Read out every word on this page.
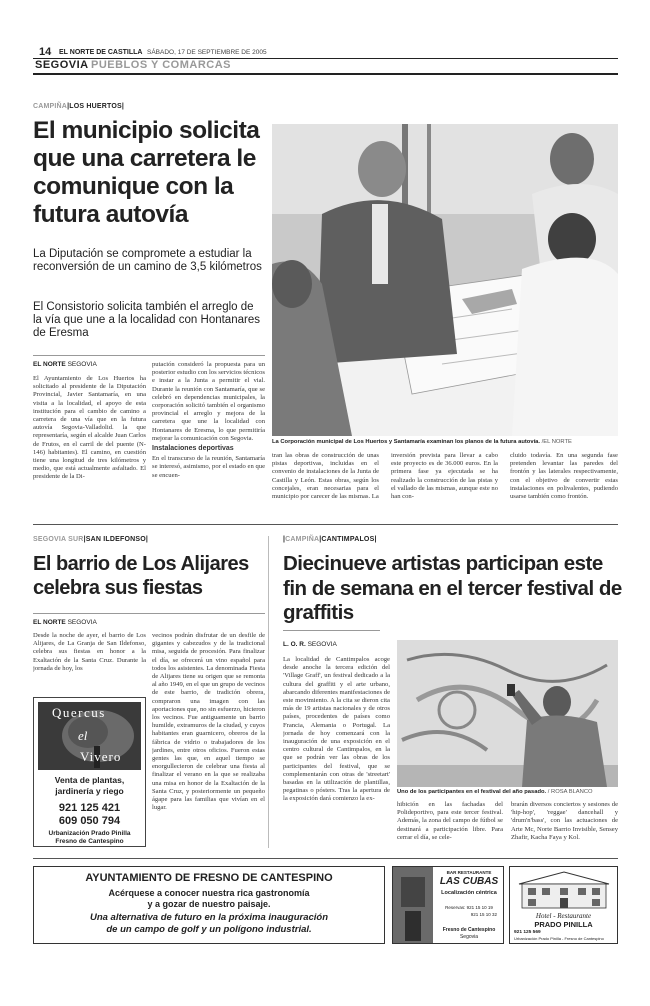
14 EL NORTE DE CASTILLA SÁBADO, 17 DE SEPTIEMBRE DE 2005
SEGOVIA PUEBLOS Y COMARCAS
CAMPIÑA|LOS HUERTOS|
El municipio solicita que una carretera le comunique con la futura autovía
La Diputación se compromete a estudiar la reconversión de un camino de 3,5 kilómetros
El Consistorio solicita también el arreglo de la vía que une a la localidad con Hontanares de Eresma
EL NORTE SEGOVIA
El Ayuntamiento de Los Huertos ha solicitado al presidente de la Diputación Provincial, Javier Santamaría, en una visita a la localidad, el apoyo de esta institución para el cambio de camino a carretera de una vía que en la futura autovía Segovia-Valladolid. la que representaría, según el alcalde Juan Carlos de Frutos, en el carril de del puente (N-146) habitantes). El camino, en cuestión tiene una longitud de tres kilómetros y medio, que está actualmente asfaltado. El presidente de la Di-
putación consideró la propuesta para un posterior estudio con los servicios técnicos e instar a la Junta a permitir el vial. Durante la reunión con Santamaría, que se celebró en dependencias municipales, la corporación solicitó también el organismo provincial el arreglo y mejora de la carretera que une la localidad con Hontanares de Eresma, lo que permitiría mejorar la comunicación con Segovia.
Instalaciones deportivas
En el transcurso de la reunión, Santamaría se interesó, asimismo, por el estado en que se encuen-
La Corporación municipal de Los Huertos y Santamaría examinan los planos de la futura autovía. /EL NORTE
tran las obras de construcción de unas pistas deportivas, incluidas en el convenio de instalaciones de la Junta de Castilla y León. Estas obras, según los concejales, eran necesarias para el municipio por carecer de las mismas. La
inversión prevista para llevar a cabo este proyecto es de 36.000 euros. En la primera fase ya ejecutada se ha realizado la construcción de las pistas y el vallado de las mismas, aunque este no han con-
cluido todavía. En una segunda fase pretenden levantar las paredes del frontón y las laterales respectivamente, con el objetivo de convertir estas instalaciones en polivalentes, pudiendo usarse también como frontón.
SEGOVIA SUR|SAN ILDEFONSO|
El barrio de Los Alijares celebra sus fiestas
EL NORTE SEGOVIA
Desde la noche de ayer, el barrio de Los Alijares, de La Granja de San Ildefonso, celebra sus fiestas en honor a la Exaltación de la Santa Cruz. Durante la jornada de hoy, los
vecinos podrán disfrutar de un desfile de gigantes y cabezudos y de la tradicional misa, seguida de procesión. Para finalizar el día, se ofrecerá un vino español para todos los asistentes. La denominada Fiesta de Alijares tiene su origen que se remonta al año 1949, en el que un grupo de vecinos de este barrio, de tradición obrera, compraron una imagen con las aportaciones que, no sin esfuerzo, hicieron los vecinos. Fue antiguamente un barrio humilde, extramuros de la ciudad, y cuyos habitantes eran guarnicero, obreros de la fábrica de vidrio o trabajadores de los jardines, entre otros oficios. Fueron estas gentes las que, en aquel tiempo se enorgullecieron de celebrar una fiesta al finalizar el verano en la que se realizaba una misa en honor de la Exaltación de la Santa Cruz, y posteriormente un pequeño ágape para las familias que vivían en el lugar.
Quercus
el
Vivero
Venta de plantas,
jardinería y riego
921 125 421
609 050 794
Urbanización Prado Pinilla
Fresno de Cantespino
|CAMPIÑA|CANTIMPALOS|
Diecinueve artistas participan este fin de semana en el tercer festival de graffitis
L. O. R. SEGOVIA
La localidad de Cantimpalos acoge desde anoche la tercera edición del 'Village Graff', un festival dedicado a la cultura del graffiti y el arte urbano, abarcando diferentes manifestaciones de este movimiento. A la cita se dieron cita más de 19 artistas nacionales y de otros países, procedentes de países como Francia, Alemania o Portugal. La jornada de hoy comenzará con la inauguración de una exposición en el centro cultural de Cantimpalos, en la que se podrán ver las obras de los participantes del festival, que se complementarán con otras de 'streetart' basadas en la utilización de plantillas, pegatinas o pósters. Tras la apertura de la exposición dará comienzo la ex-
Uno de los participantes en el festival del año pasado. / ROSA BLANCO
hibición en las fachadas del Polideportivo, para este tercer festival. Además, la zona del campo de fútbol se destinará a participación libre. Para cerrar el día, se cele-
brarán diversos conciertos y sesiones de 'hip-hop', 'reggae' dancehall y 'drum'n'bass', con las actuaciones de Arte Mc, Norte Barrio Invisible, Sensey Zhafir, Kacha Faya y Kol.
AYUNTAMIENTO DE FRESNO DE CANTESPINO
Acérquese a conocer nuestra rica gastronomía
y a gozar de nuestro paisaje.
Una alternativa de futuro en la próxima inauguración
de un campo de golf y un polígono industrial.
BAR RESTAURANTE
LAS CUBAS
Localización céntrica
Reservas: 921 15 10 19
921 15 10 32
Fresno de Cantespino
Segovia
Hotel - Restaurante
PRADO PINILLA
921 125 569
Urbanización Prado Pinilla - Fresno de Cantespino
